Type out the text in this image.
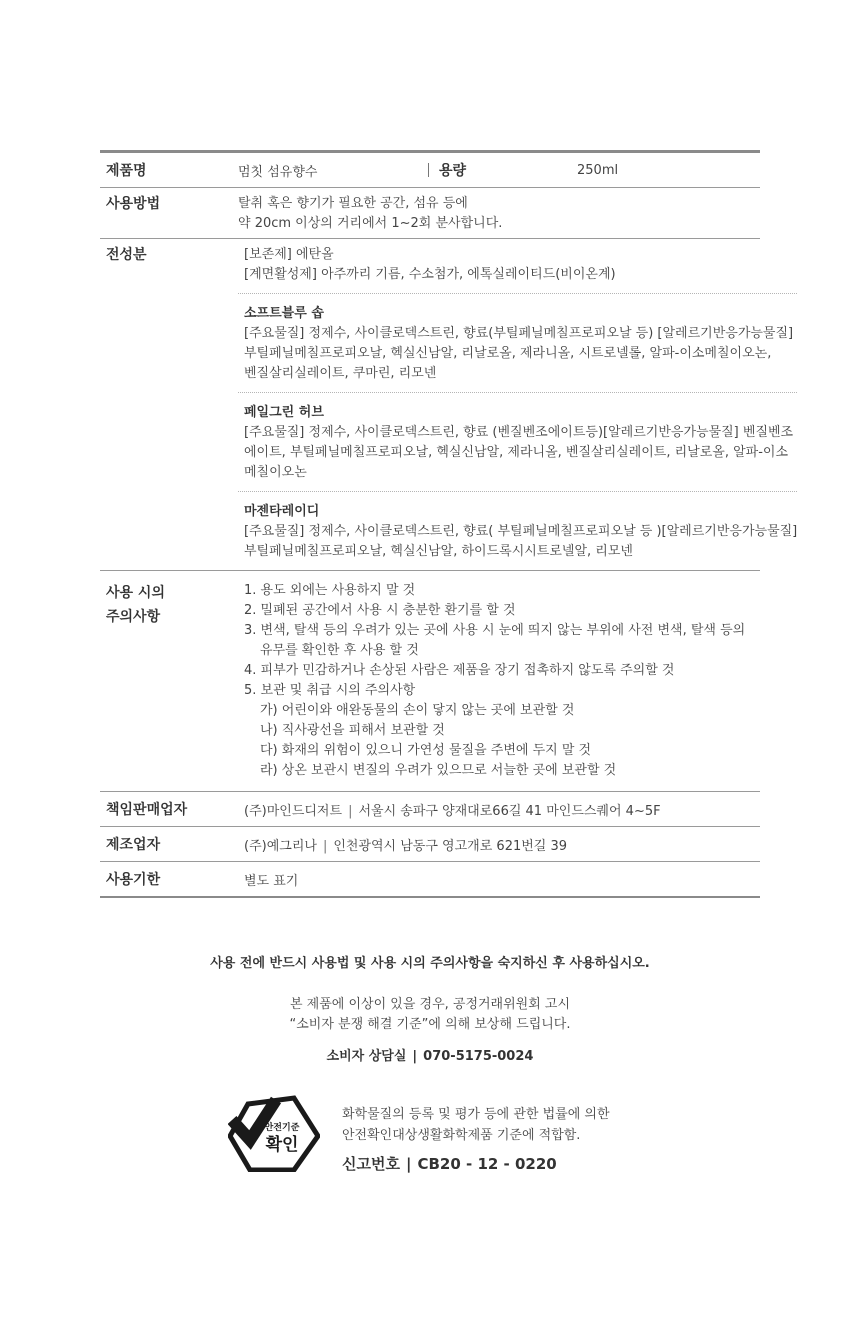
제품명	멈칫 섬유향수	용량	250ml
사용방법	탈취 혹은 향기가 필요한 공간, 섬유 등에
약 20cm 이상의 거리에서 1~2회 분사합니다.
전성분	[보존제] 에탄올
[계면활성제] 아주까리 기름, 수소첨가, 에톡실레이티드(비이온계)
소프트블루 솝
[주요물질] 정제수, 사이클로덱스트린, 향료(부틸페닐메칠프로피오날 등) [알레르기반응가능물질]
부틸페닐메칠프로피오날, 헥실신남알, 리날로올, 제라니올, 시트로넬롤, 알파-이소메칠이오논,
벤질살리실레이트, 쿠마린, 리모넨
페일그린 허브
[주요물질] 정제수, 사이클로덱스트린, 향료 (벤질벤조에이트등)[알레르기반응가능물질] 벤질벤조
에이트, 부틸페닐메칠프로피오날, 헥실신남알, 제라니올, 벤질살리실레이트, 리날로올, 알파-이소
메칠이오논
마젠타레이디
[주요물질] 정제수, 사이클로덱스트린, 향료( 부틸페닐메칠프로피오날 등 )[알레르기반응가능물질]
부틸페닐메칠프로피오날, 헥실신남알, 하이드록시시트로넬알, 리모넨
사용 시의
주의사항
1. 용도 외에는 사용하지 말 것
2. 밀폐된 공간에서 사용 시 충분한 환기를 할 것
3. 변색, 탈색 등의 우려가 있는 곳에 사용 시 눈에 띄지 않는 부위에 사전 변색, 탈색 등의
유무를 확인한 후 사용 할 것
4. 피부가 민감하거나 손상된 사람은 제품을 장기 접촉하지 않도록 주의할 것
5. 보관 및 취급 시의 주의사항
가) 어린이와 애완동물의 손이 닿지 않는 곳에 보관할 것
나) 직사광선을 피해서 보관할 것
다) 화재의 위험이 있으니 가연성 물질을 주변에 두지 말 것
라) 상온 보관시 변질의 우려가 있으므로 서늘한 곳에 보관할 것
책임판매업자	(주)마인드디저트 | 서울시 송파구 양재대로66길 41 마인드스퀘어 4~5F
제조업자	(주)예그리나 | 인천광역시 남동구 영고개로 621번길 39
사용기한	별도 표기
사용 전에 반드시 사용법 및 사용 시의 주의사항을 숙지하신 후 사용하십시오.
본 제품에 이상이 있을 경우, 공정거래위원회 고시
“소비자 분쟁 해결 기준”에 의해 보상해 드립니다.
소비자 상담실 | 070-5175-0024
안전기준
확인
화학물질의 등록 및 평가 등에 관한 법률에 의한
안전확인대상생활화학제품 기준에 적합함.
신고번호 | CB20 - 12 - 0220
